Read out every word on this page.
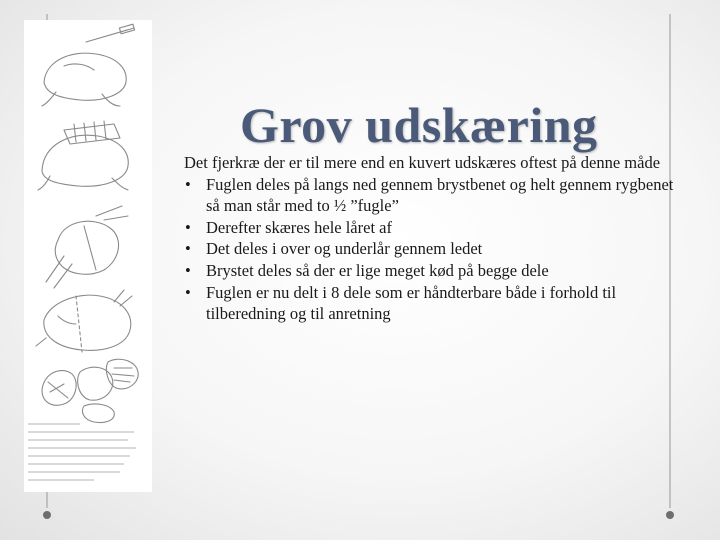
Grov udskæring

Det fjerkræ der er til mere end en kuvert udskæres oftest på denne måde

• Fuglen deles på langs ned gennem brystbenet og helt gennem rygbenet så man står med to ½ ”fugle”
• Derefter skæres hele låret af
• Det deles i over og underlår gennem ledet
• Brystet deles så der er lige meget kød på begge dele
• Fuglen er nu delt i 8 dele som er håndterbare både i forhold til tilberedning og til anretning
